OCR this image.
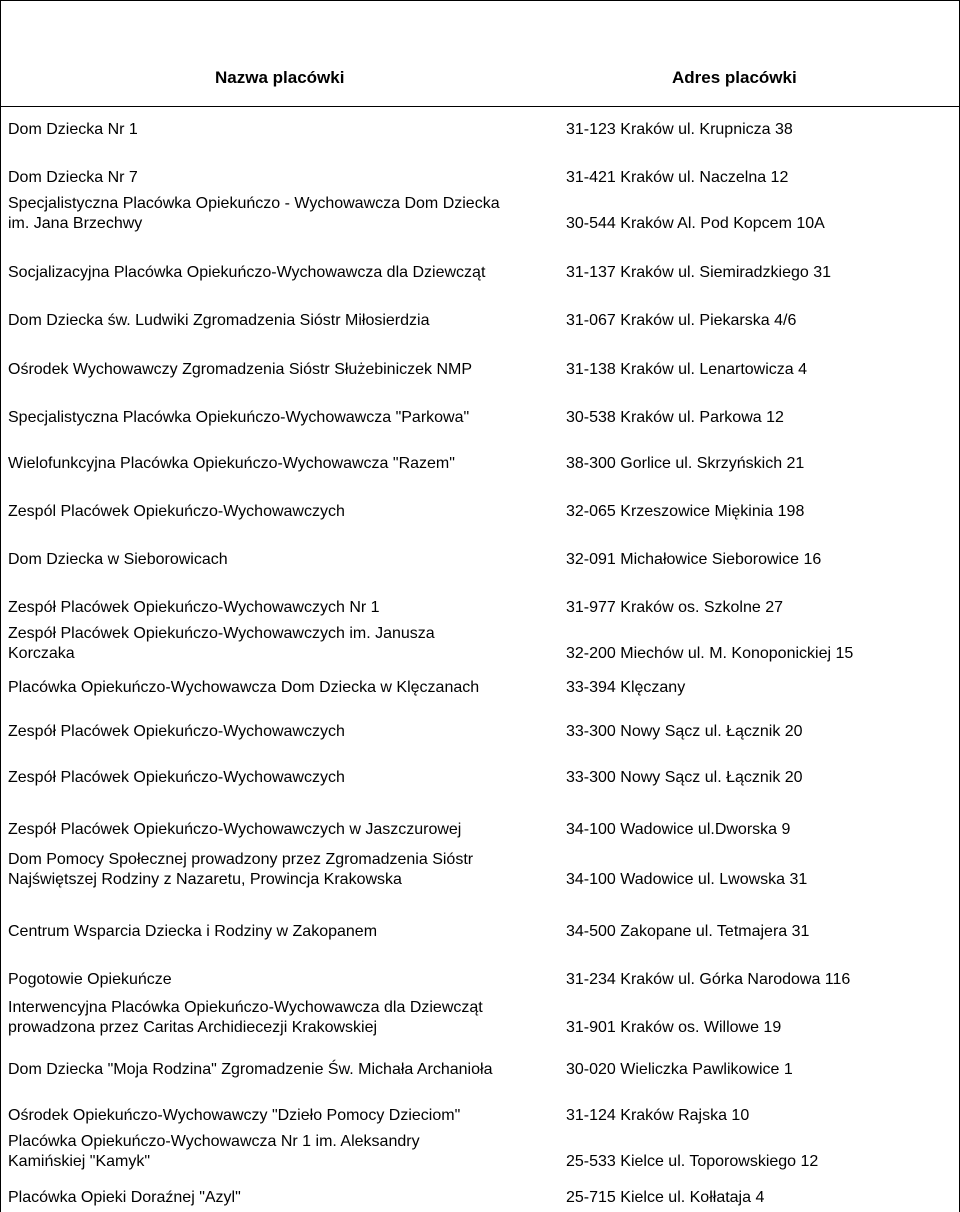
Nazwa placówki	Adres placówki
Dom Dziecka Nr 1	31-123 Kraków ul. Krupnicza 38
Dom Dziecka Nr 7	31-421 Kraków ul. Naczelna 12
Specjalistyczna Placówka Opiekuńczo - Wychowawcza Dom Dziecka
im. Jana Brzechwy	30-544 Kraków Al. Pod Kopcem 10A
Socjalizacyjna Placówka Opiekuńczo-Wychowawcza dla Dziewcząt	31-137 Kraków ul. Siemiradzkiego 31
Dom Dziecka św. Ludwiki Zgromadzenia Sióstr Miłosierdzia	31-067 Kraków ul. Piekarska 4/6
Ośrodek Wychowawczy Zgromadzenia Sióstr Służebiniczek NMP	31-138 Kraków ul. Lenartowicza 4
Specjalistyczna Placówka Opiekuńczo-Wychowawcza "Parkowa"	30-538 Kraków ul. Parkowa 12
Wielofunkcyjna Placówka Opiekuńczo-Wychowawcza "Razem"	38-300 Gorlice ul. Skrzyńskich 21
Zespól Placówek Opiekuńczo-Wychowawczych	32-065 Krzeszowice Miękinia 198
Dom Dziecka w Sieborowicach	32-091 Michałowice Sieborowice 16
Zespół Placówek Opiekuńczo-Wychowawczych Nr 1	31-977 Kraków os. Szkolne 27
Zespół Placówek Opiekuńczo-Wychowawczych im. Janusza
Korczaka	32-200 Miechów ul. M. Konoponickiej 15
Placówka Opiekuńczo-Wychowawcza Dom Dziecka w Klęczanach	33-394 Klęczany
Zespół Placówek Opiekuńczo-Wychowawczych	33-300 Nowy Sącz ul. Łącznik 20
Zespół Placówek Opiekuńczo-Wychowawczych	33-300 Nowy Sącz ul. Łącznik 20
Zespół Placówek Opiekuńczo-Wychowawczych w Jaszczurowej	34-100 Wadowice ul.Dworska 9
Dom Pomocy Społecznej prowadzony przez Zgromadzenia Sióstr
Najświętszej Rodziny z Nazaretu, Prowincja Krakowska	34-100 Wadowice ul. Lwowska 31
Centrum Wsparcia Dziecka i Rodziny w Zakopanem	34-500 Zakopane ul. Tetmajera 31
Pogotowie Opiekuńcze	31-234 Kraków ul. Górka Narodowa 116
Interwencyjna Placówka Opiekuńczo-Wychowawcza dla Dziewcząt
prowadzona przez Caritas Archidiecezji Krakowskiej	31-901 Kraków os. Willowe 19
Dom Dziecka "Moja Rodzina" Zgromadzenie Św. Michała Archanioła	30-020 Wieliczka Pawlikowice 1
Ośrodek Opiekuńczo-Wychowawczy "Dzieło Pomocy Dzieciom"	31-124 Kraków Rajska 10
Placówka Opiekuńczo-Wychowawcza Nr 1 im. Aleksandry
Kamińskiej "Kamyk"	25-533 Kielce ul. Toporowskiego 12
Placówka Opieki Doraźnej "Azyl"	25-715 Kielce ul. Kołłataja 4
